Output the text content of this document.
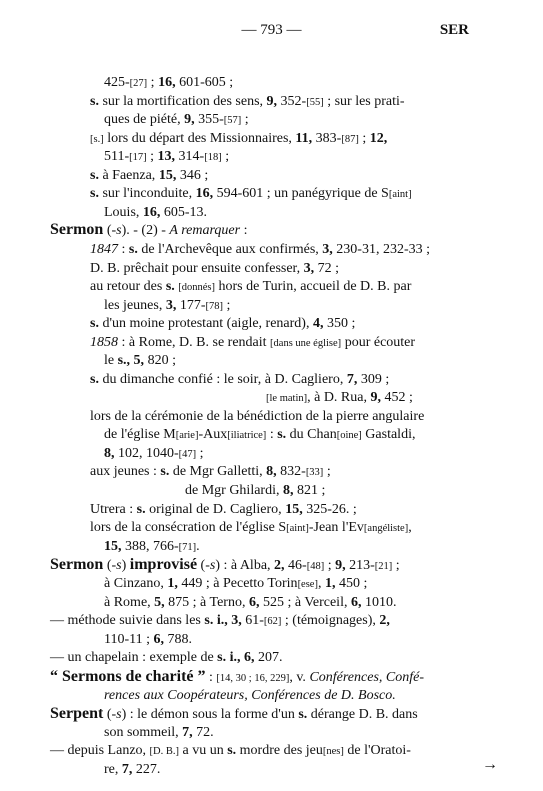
— 793 —	SER
425-[27] ; 16, 601-605 ;
s. sur la mortification des sens, 9, 352-[55] ; sur les prati-
ques de piété, 9, 355-[57] ;
[s.] lors du départ des Missionnaires, 11, 383-[87] ; 12,
511-[17] ; 13, 314-[18] ;
s. à Faenza, 15, 346 ;
s. sur l'inconduite, 16, 594-601 ; un panégyrique de S[aint]
Louis, 16, 605-13.
Sermon (-s). - (2) - A remarquer :
1847 : s. de l'Archevêque aux confirmés, 3, 230-31, 232-33 ;
D. B. prêchait pour ensuite confesser, 3, 72 ;
au retour des s. [donnés] hors de Turin, accueil de D. B. par
les jeunes, 3, 177-[78] ;
s. d'un moine protestant (aigle, renard), 4, 350 ;
1858 : à Rome, D. B. se rendait [dans une église] pour écouter
le s., 5, 820 ;
s. du dimanche confié : le soir, à D. Cagliero, 7, 309 ;
[le matin], à D. Rua, 9, 452 ;
lors de la cérémonie de la bénédiction de la pierre angulaire
de l'église M[arie]-Aux[iliatrice] : s. du Chan[oine] Gastaldi,
8, 102, 1040-[47] ;
aux jeunes : s. de Mgr Galletti, 8, 832-[33] ;
de Mgr Ghilardi, 8, 821 ;
Utrera : s. original de D. Cagliero, 15, 325-26. ;
lors de la consécration de l'église S[aint]-Jean l'Ev[angéliste],
15, 388, 766-[71].
Sermon (-s) improvisé (-s) : à Alba, 2, 46-[48] ; 9, 213-[21] ;
à Cinzano, 1, 449 ; à Pecetto Torin[ese], 1, 450 ;
à Rome, 5, 875 ; à Terno, 6, 525 ; à Verceil, 6, 1010.
— méthode suivie dans les s. i., 3, 61-[62] ; (témoignages), 2,
110-11 ; 6, 788.
— un chapelain : exemple de s. i., 6, 207.
“ Sermons de charité ” : [14, 30 ; 16, 229], v. Conférences, Confé-
rences aux Coopérateurs, Conférences de D. Bosco.
Serpent (-s) : le démon sous la forme d'un s. dérange D. B. dans
son sommeil, 7, 72.
— depuis Lanzo, [D. B.] a vu un s. mordre des jeu[nes] de l'Oratoi-
re, 7, 227.	→
